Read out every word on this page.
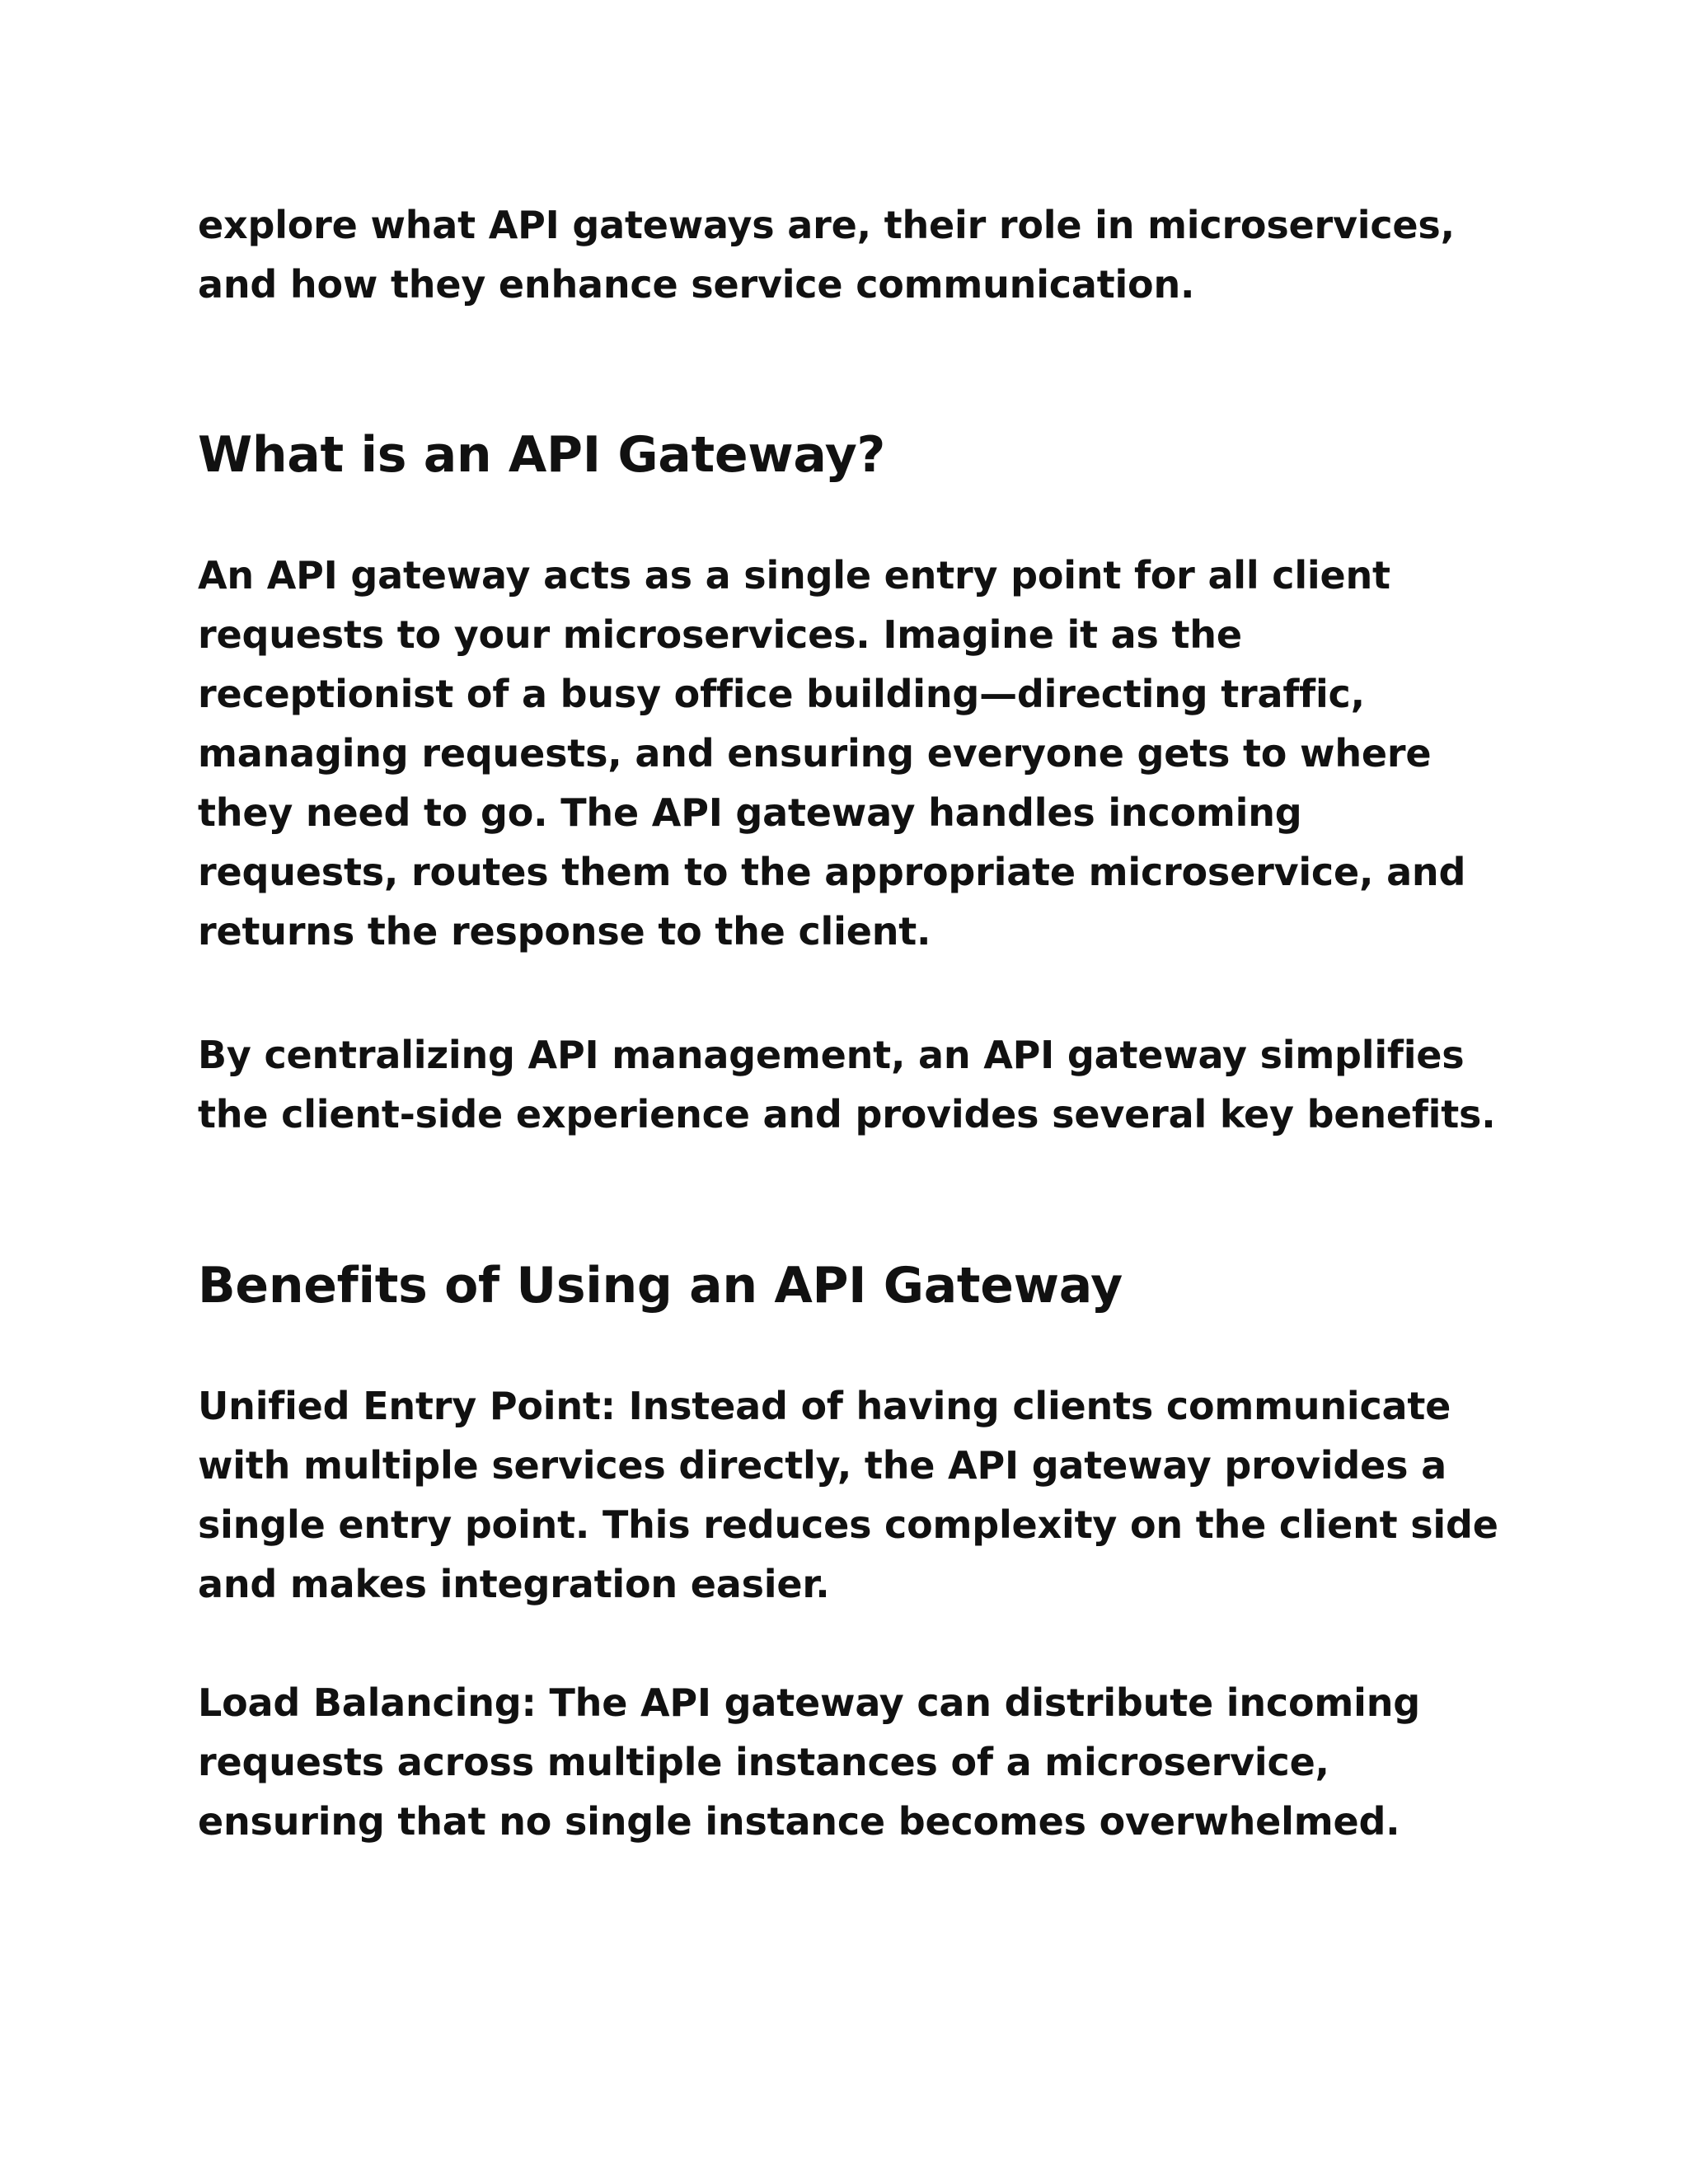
explore what API gateways are, their role in microservices,
and how they enhance service communication.

What is an API Gateway?

An API gateway acts as a single entry point for all client
requests to your microservices. Imagine it as the
receptionist of a busy office building—directing traffic,
managing requests, and ensuring everyone gets to where
they need to go. The API gateway handles incoming
requests, routes them to the appropriate microservice, and
returns the response to the client.

By centralizing API management, an API gateway simplifies
the client-side experience and provides several key benefits.

Benefits of Using an API Gateway

Unified Entry Point: Instead of having clients communicate
with multiple services directly, the API gateway provides a
single entry point. This reduces complexity on the client side
and makes integration easier.

Load Balancing: The API gateway can distribute incoming
requests across multiple instances of a microservice,
ensuring that no single instance becomes overwhelmed.
